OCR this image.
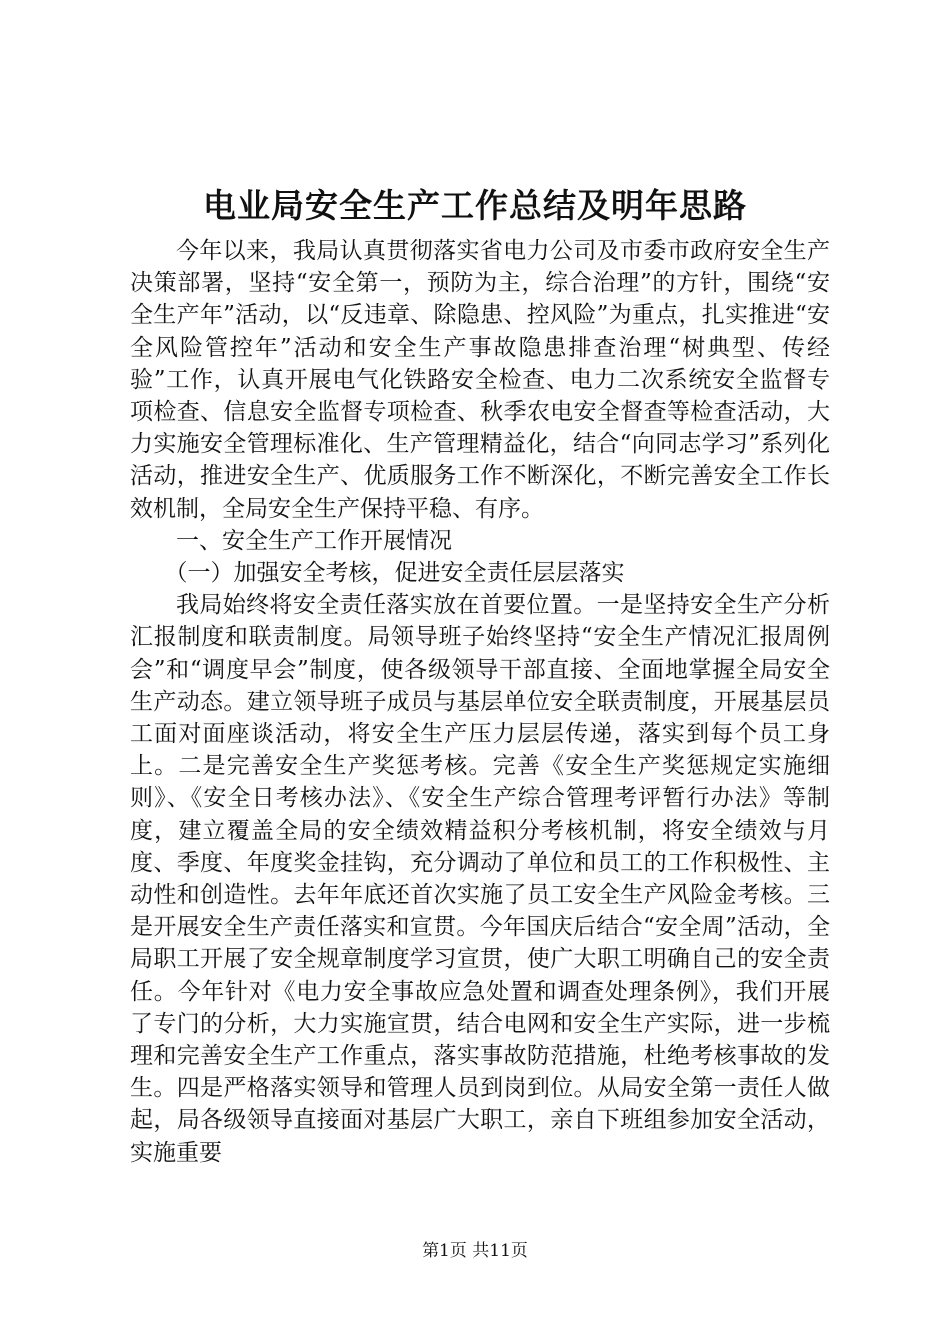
电业局安全生产工作总结及明年思路

今年以来，我局认真贯彻落实省电力公司及市委市政府安全生产决策部署，坚持“安全第一，预防为主，综合治理”的方针，围绕“安全生产年”活动，以“反违章、除隐患、控风险”为重点，扎实推进“安全风险管控年”活动和安全生产事故隐患排查治理“树典型、传经验”工作，认真开展电气化铁路安全检查、电力二次系统安全监督专项检查、信息安全监督专项检查、秋季农电安全督查等检查活动，大力实施安全管理标准化、生产管理精益化，结合“向同志学习”系列化活动，推进安全生产、优质服务工作不断深化，不断完善安全工作长效机制，全局安全生产保持平稳、有序。

一、安全生产工作开展情况

（一）加强安全考核，促进安全责任层层落实

我局始终将安全责任落实放在首要位置。一是坚持安全生产分析汇报制度和联责制度。局领导班子始终坚持“安全生产情况汇报周例会”和“调度早会”制度，使各级领导干部直接、全面地掌握全局安全生产动态。建立领导班子成员与基层单位安全联责制度，开展基层员工面对面座谈活动，将安全生产压力层层传递，落实到每个员工身上。二是完善安全生产奖惩考核。完善《安全生产奖惩规定实施细则》、《安全日考核办法》、《安全生产综合管理考评暂行办法》等制度，建立覆盖全局的安全绩效精益积分考核机制，将安全绩效与月度、季度、年度奖金挂钩，充分调动了单位和员工的工作积极性、主动性和创造性。去年年底还首次实施了员工安全生产风险金考核。三是开展安全生产责任落实和宣贯。今年国庆后结合“安全周”活动，全局职工开展了安全规章制度学习宣贯，使广大职工明确自己的安全责任。今年针对《电力安全事故应急处置和调查处理条例》，我们开展了专门的分析，大力实施宣贯，结合电网和安全生产实际，进一步梳理和完善安全生产工作重点，落实事故防范措施，杜绝考核事故的发生。四是严格落实领导和管理人员到岗到位。从局安全第一责任人做起，局各级领导直接面对基层广大职工，亲自下班组参加安全活动，实施重要

第1页 共11页
